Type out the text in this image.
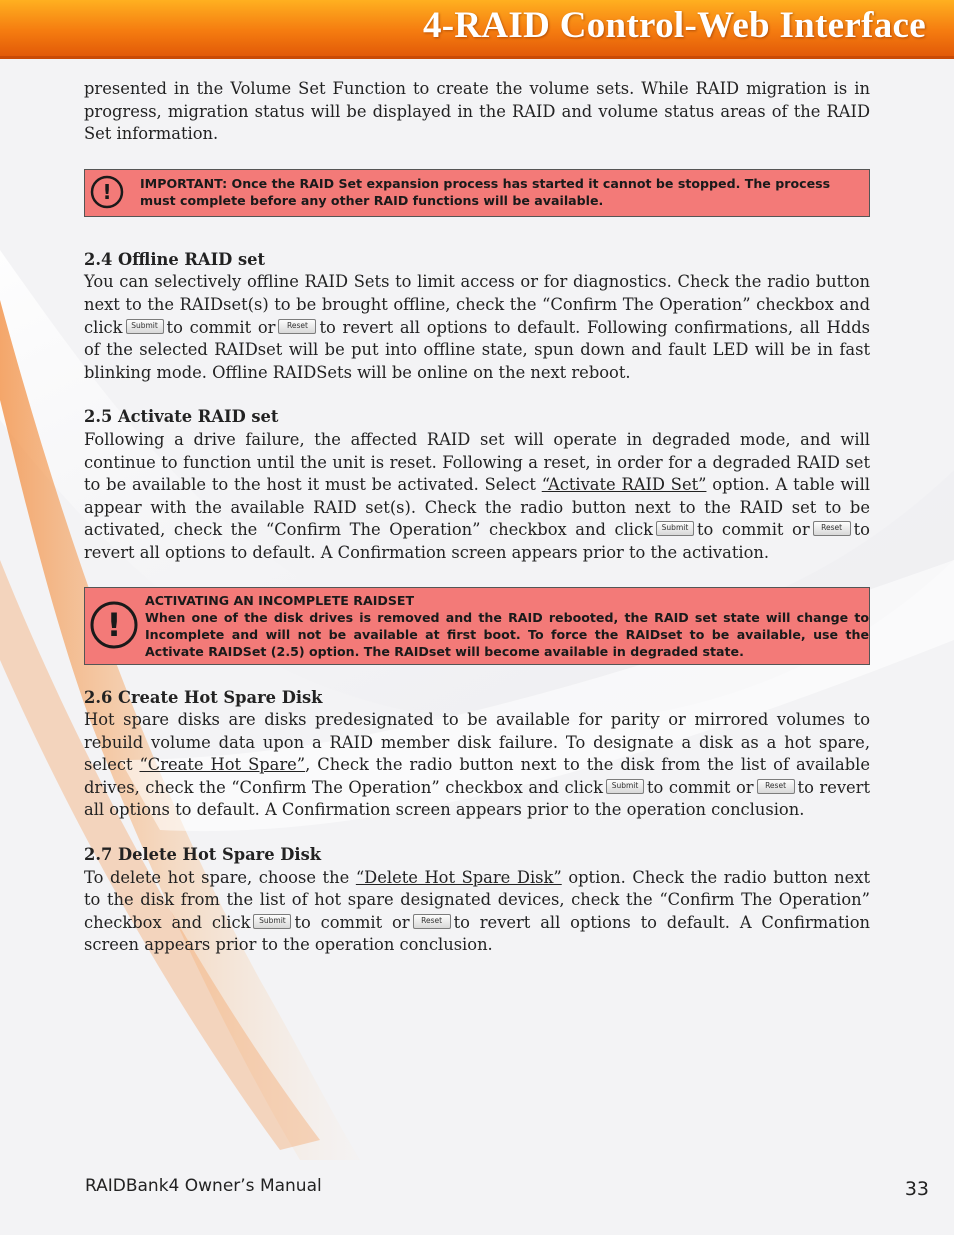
4-RAID Control-Web Interface

presented in the Volume Set Function to create the volume sets. While RAID migration is in progress, migration status will be displayed in the RAID and volume status areas of the RAID Set information.

! IMPORTANT: Once the RAID Set expansion process has started it cannot be stopped. The process must complete before any other RAID functions will be available.
2.4 Offline RAID set

You can selectively offline RAID Sets to limit access or for diagnostics. Check the radio button next to the RAIDset(s) to be brought offline, check the “Confirm The Operation” checkbox and click Submit to commit or Reset to revert all options to default. Following confirmations, all Hdds of the selected RAIDset will be put into offline state, spun down and fault LED will be in fast blinking mode. Offline RAIDSets will be online on the next reboot.

2.5 Activate RAID set

Following a drive failure, the affected RAID set will operate in degraded mode, and will continue to function until the unit is reset. Following a reset, in order for a degraded RAID set to be available to the host it must be activated. Select “Activate RAID Set” option. A table will appear with the available RAID set(s). Check the radio button next to the RAID set to be activated, check the “Confirm The Operation” checkbox and click Submit to commit or Reset to revert all options to default. A Confirmation screen appears prior to the activation.

!
ACTIVATING AN INCOMPLETE RAIDSET
When one of the disk drives is removed and the RAID rebooted, the RAID set state will change to Incomplete and will not be available at first boot. To force the RAIDset to be available, use the Activate RAIDSet (2.5) option. The RAIDset will become available in degraded state.
2.6 Create Hot Spare Disk

Hot spare disks are disks predesignated to be available for parity or mirrored volumes to rebuild volume data upon a RAID member disk failure. To designate a disk as a hot spare, select “Create Hot Spare”, Check the radio button next to the disk from the list of available drives, check the “Confirm The Operation” checkbox and click Submit to commit or Reset to revert all options to default. A Confirmation screen appears prior to the operation conclusion.

2.7 Delete Hot Spare Disk

To delete hot spare, choose the “Delete Hot Spare Disk” option. Check the radio button next to the disk from the list of hot spare designated devices, check the “Confirm The Operation” checkbox and click Submit to commit or Reset to revert all options to default. A Confirmation screen appears prior to the operation conclusion.

RAIDBank4 Owner’s Manual	33
